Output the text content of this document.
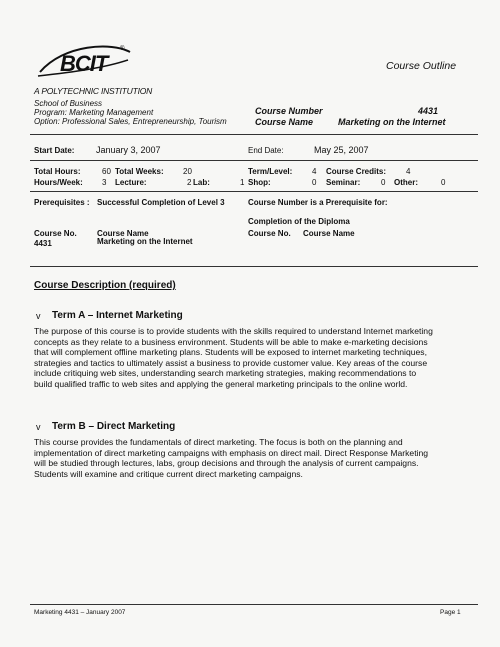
BCIT
®
Course Outline
A POLYTECHNIC INSTITUTION
School of Business
Program: Marketing Management
Option: Professional Sales, Entrepreneurship, Tourism
Course Number	4431
Course Name	Marketing on the Internet
Start Date: January 3, 2007	End Date:	May 25, 2007
Total Hours:	60 Total Weeks: 20	Term/Level: 4 Course Credits: 4
Hours/Week: 3 Lecture:	2 Lab:	1 Shop:	0 Seminar:	0 Other:	0
Prerequisites : Successful Completion of Level 3	Course Number is a Prerequisite for:
Completion of the Diploma
Course No.	Course Name
4431	Marketing on the Internet
Course No. Course Name
Course Description (required)
v Term A – Internet Marketing
The purpose of this course is to provide students with the skills required to understand Internet marketing
concepts as they relate to a business environment. Students will be able to make e-marketing decisions
that will complement offline marketing plans. Students will be exposed to internet marketing techniques,
strategies and tactics to ultimately assist a business to provide customer value. Key areas of the course
include critiquing web sites, understanding search marketing strategies, making recommendations to
build qualified traffic to web sites and applying the general marketing principals to the online world.
v Term B – Direct Marketing
This course provides the fundamentals of direct marketing. The focus is both on the planning and
implementation of direct marketing campaigns with emphasis on direct mail. Direct Response Marketing
will be studied through lectures, labs, group decisions and through the analysis of current campaigns.
Students will examine and critique current direct marketing campaigns.
Marketing 4431 – January 2007	Page 1
